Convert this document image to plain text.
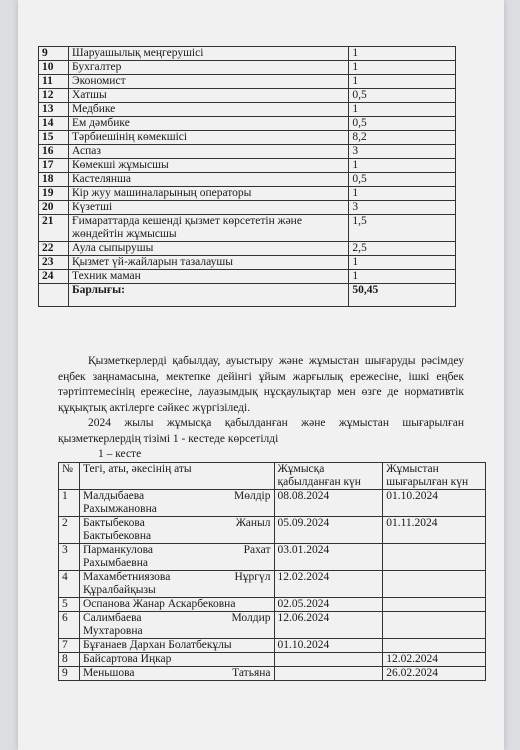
9	Шаруашылық меңгерушісі	1
10	Бухгалтер	1
11	Экономист	1
12	Хатшы	0,5
13	Медбике	1
14	Ем дәмбике	0,5
15	Тәрбиешінің көмекшісі	8,2
16	Аспаз	3
17	Көмекші жұмысшы	1
18	Кастелянша	0,5
19	Кір жуу машиналарының операторы	1
20	Күзетші	3
21	Ғимараттарда кешенді қызмет көрсететін және жөндейтін жұмысшы	1,5
22	Аула сыпырушы	2,5
23	Қызмет үй-жайларын тазалаушы	1
24	Техник маман	1
	Барлығы:	50,45

Қызметкерлерді қабылдау, ауыстыру және жұмыстан шығаруды рәсімдеу еңбек заңнамасына, мектепке дейінгі ұйым жарғылық ережесіне, ішкі еңбек тәртіптемесінің ережесіне, лауазымдық нұсқаулықтар мен өзге де нормативтік құқықтық актілерге сәйкес жүргізіледі.

2024 жылы жұмысқа қабылданған және жұмыстан шығарылған қызметкерлердің тізімі 1 - кестеде көрсетілді

1 – кесте

№	Тегі, аты, әкесінің аты	Жұмысқа қабылданған күн	Жұмыстан шығарылған күн
1	Малдыбаева Мөлдір
Рахымжановна	08.08.2024	01.10.2024
2	Бактыбекова Жаныл
Бактыбековна	05.09.2024	01.11.2024
3	Парманкулова Рахат
Рахымбаевна	03.01.2024	
4	Махамбетниязова Нұргүл
Құралбайқызы	12.02.2024	
5	Оспанова Жанар Аскарбековна	02.05.2024	
6	Салимбаева Молдир
Мухтаровна	12.06.2024	
7	Бұғанаев Дархан Болатбекұлы	01.10.2024	
8	Байсартова Иңкар		12.02.2024
9	Меньшова Татьяна		26.02.2024
